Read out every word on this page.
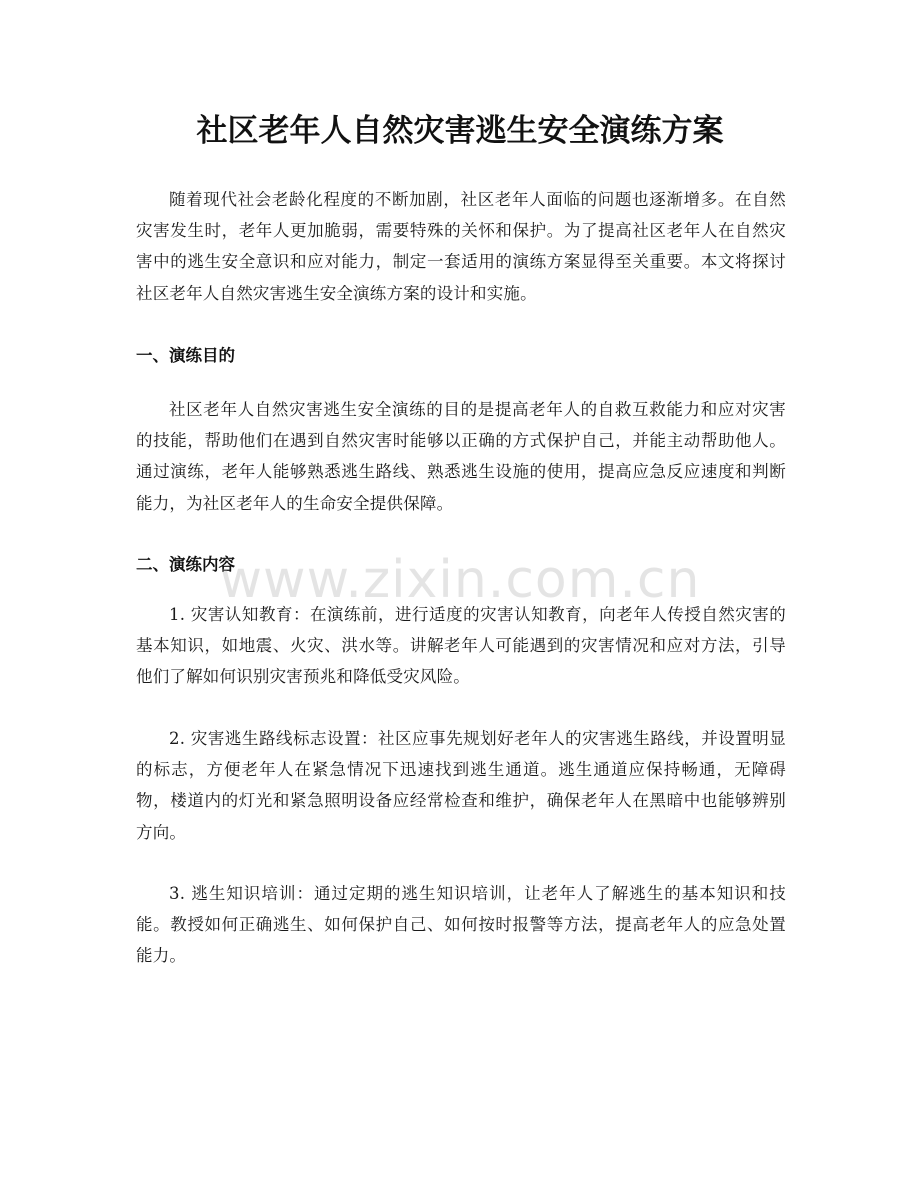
社区老年人自然灾害逃生安全演练方案

随着现代社会老龄化程度的不断加剧，社区老年人面临的问题也逐渐增多。在自然灾害发生时，老年人更加脆弱，需要特殊的关怀和保护。为了提高社区老年人在自然灾害中的逃生安全意识和应对能力，制定一套适用的演练方案显得至关重要。本文将探讨社区老年人自然灾害逃生安全演练方案的设计和实施。

一、演练目的

社区老年人自然灾害逃生安全演练的目的是提高老年人的自救互救能力和应对灾害的技能，帮助他们在遇到自然灾害时能够以正确的方式保护自己，并能主动帮助他人。通过演练，老年人能够熟悉逃生路线、熟悉逃生设施的使用，提高应急反应速度和判断能力，为社区老年人的生命安全提供保障。

二、演练内容

1. 灾害认知教育：在演练前，进行适度的灾害认知教育，向老年人传授自然灾害的基本知识，如地震、火灾、洪水等。讲解老年人可能遇到的灾害情况和应对方法，引导他们了解如何识别灾害预兆和降低受灾风险。

2. 灾害逃生路线标志设置：社区应事先规划好老年人的灾害逃生路线，并设置明显的标志，方便老年人在紧急情况下迅速找到逃生通道。逃生通道应保持畅通，无障碍物，楼道内的灯光和紧急照明设备应经常检查和维护，确保老年人在黑暗中也能够辨别方向。

3. 逃生知识培训：通过定期的逃生知识培训，让老年人了解逃生的基本知识和技能。教授如何正确逃生、如何保护自己、如何按时报警等方法，提高老年人的应急处置能力。

www.zixin.com.cn
